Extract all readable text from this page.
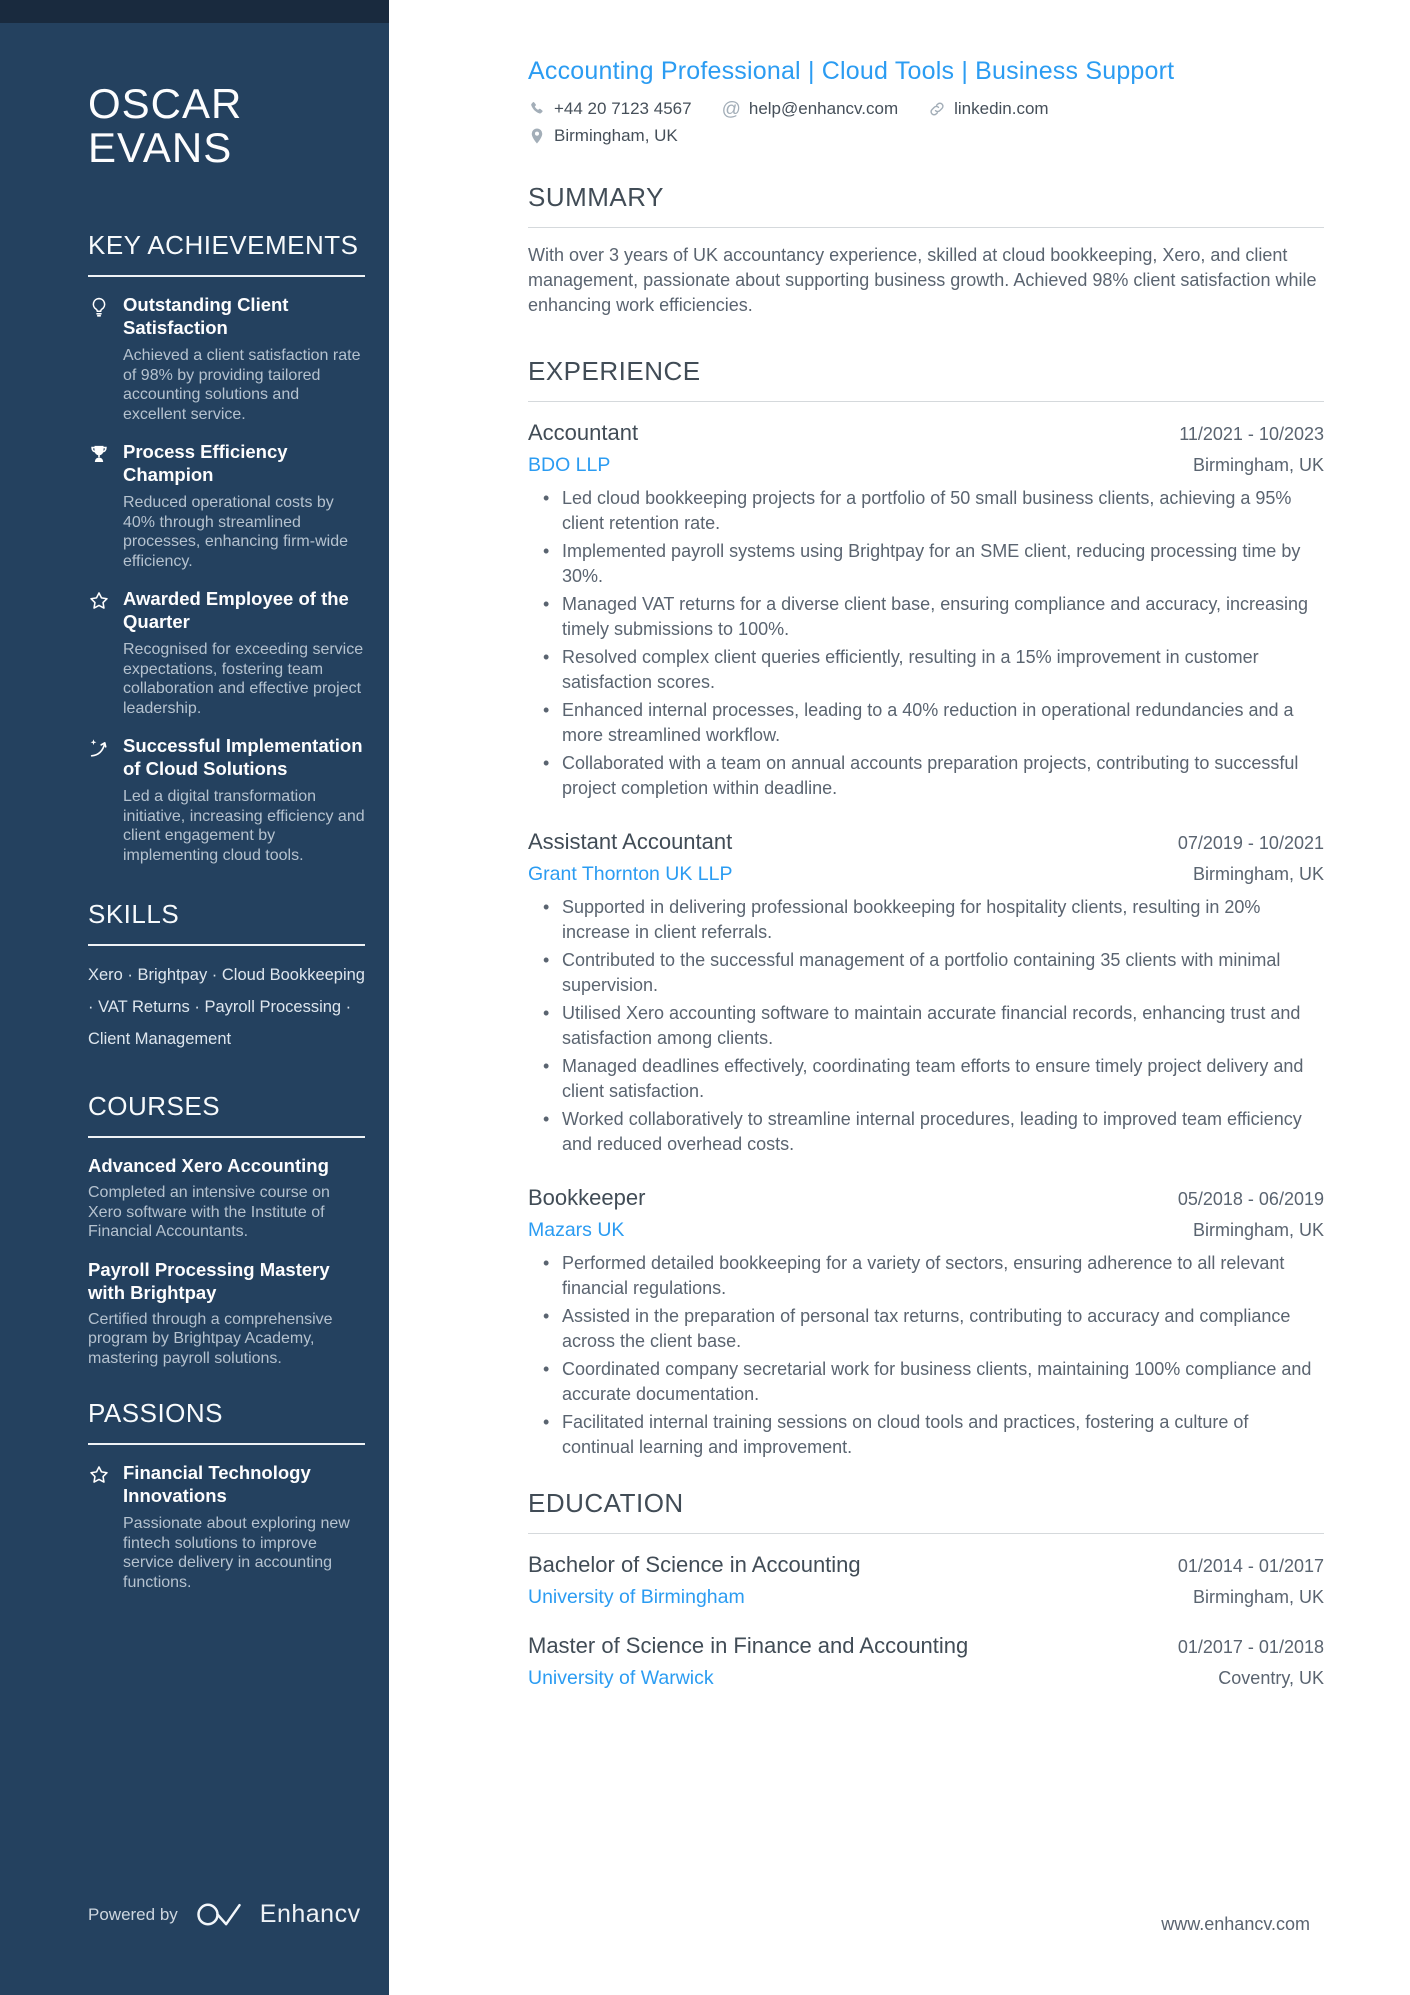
OSCAR EVANS
KEY ACHIEVEMENTS
Outstanding Client Satisfaction
Achieved a client satisfaction rate of 98% by providing tailored accounting solutions and excellent service.
Process Efficiency Champion
Reduced operational costs by 40% through streamlined processes, enhancing firm-wide efficiency.
Awarded Employee of the Quarter
Recognised for exceeding service expectations, fostering team collaboration and effective project leadership.
Successful Implementation of Cloud Solutions
Led a digital transformation initiative, increasing efficiency and client engagement by implementing cloud tools.
SKILLS

Xero · Brightpay · Cloud Bookkeeping · VAT Returns · Payroll Processing · Client Management

COURSES
Advanced Xero Accounting
Completed an intensive course on Xero software with the Institute of Financial Accountants.
Payroll Processing Mastery with Brightpay
Certified through a comprehensive program by Brightpay Academy, mastering payroll solutions.
PASSIONS
Financial Technology Innovations
Passionate about exploring new fintech solutions to improve service delivery in accounting functions.
Powered by	Enhancv
Accounting Professional | Cloud Tools | Business Support
+44 20 7123 4567 @ help@enhancv.com	linkedin.com
Birmingham, UK
SUMMARY

With over 3 years of UK accountancy experience, skilled at cloud bookkeeping, Xero, and client management, passionate about supporting business growth. Achieved 98% client satisfaction while enhancing work efficiencies.

EXPERIENCE
Accountant	11/2021 - 10/2023
BDO LLP	Birmingham, UK
• Led cloud bookkeeping projects for a portfolio of 50 small business clients, achieving a 95% client retention rate.
• Implemented payroll systems using Brightpay for an SME client, reducing processing time by 30%.
• Managed VAT returns for a diverse client base, ensuring compliance and accuracy, increasing timely submissions to 100%.
• Resolved complex client queries efficiently, resulting in a 15% improvement in customer satisfaction scores.
• Enhanced internal processes, leading to a 40% reduction in operational redundancies and a more streamlined workflow.
• Collaborated with a team on annual accounts preparation projects, contributing to successful project completion within deadline.
Assistant Accountant	07/2019 - 10/2021
Grant Thornton UK LLP	Birmingham, UK
• Supported in delivering professional bookkeeping for hospitality clients, resulting in 20% increase in client referrals.
• Contributed to the successful management of a portfolio containing 35 clients with minimal supervision.
• Utilised Xero accounting software to maintain accurate financial records, enhancing trust and satisfaction among clients.
• Managed deadlines effectively, coordinating team efforts to ensure timely project delivery and client satisfaction.
• Worked collaboratively to streamline internal procedures, leading to improved team efficiency and reduced overhead costs.
Bookkeeper	05/2018 - 06/2019
Mazars UK	Birmingham, UK
• Performed detailed bookkeeping for a variety of sectors, ensuring adherence to all relevant financial regulations.
• Assisted in the preparation of personal tax returns, contributing to accuracy and compliance across the client base.
• Coordinated company secretarial work for business clients, maintaining 100% compliance and accurate documentation.
• Facilitated internal training sessions on cloud tools and practices, fostering a culture of continual learning and improvement.
EDUCATION
Bachelor of Science in Accounting	01/2014 - 01/2017
University of Birmingham	Birmingham, UK
Master of Science in Finance and Accounting	01/2017 - 01/2018
University of Warwick	Coventry, UK
www.enhancv.com
